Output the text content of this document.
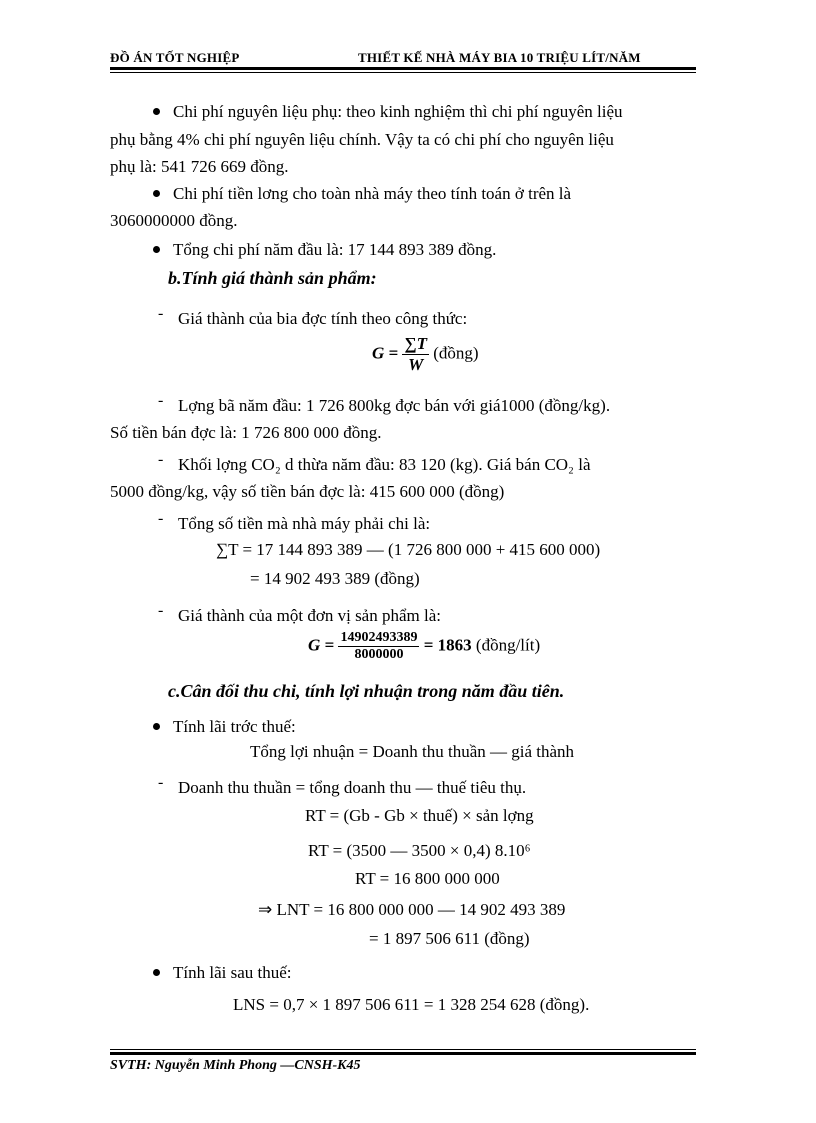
ĐỒ ÁN TỐT NGHIỆP	THIẾT KẾ NHÀ MÁY BIA 10 TRIỆU LÍT/NĂM
Chi phí nguyên liệu phụ: theo kinh nghiệm thì chi phí nguyên liệu
phụ bằng 4% chi phí nguyên liệu chính. Vậy ta có chi phí cho nguyên liệu
phụ là: 541 726 669 đồng.
Chi phí tiền lơng cho toàn nhà máy theo tính toán ở trên là
3060000000 đồng.
Tổng chi phí năm đầu là: 17 144 893 389 đồng.
b.Tính giá thành sản phẩm:
- Giá thành của bia đợc tính theo công thức:
$G = \frac{\sum T}{W}$ (đồng)
- Lợng bã năm đầu: 1 726 800kg đợc bán với giá1000 (đồng/kg).
Số tiền bán đợc là: 1 726 800 000 đồng.
- Khối lợng CO₂ d thừa năm đầu: 83 120 (kg). Giá bán CO₂ là
5000 đồng/kg, vậy số tiền bán đợc là: 415 600 000 (đồng)
- Tổng số tiền mà nhà máy phải chi là:
∑T = 17 144 893 389 — (1 726 800 000 + 415 600 000)
= 14 902 493 389 (đồng)
- Giá thành của một đơn vị sản phẩm là:
$G = \frac{14902493389}{8000000} = 1863$ (đồng/lít)
c.Cân đối thu chi, tính lợi nhuận trong năm đầu tiên.
Tính lãi trớc thuế:
Tổng lợi nhuận = Doanh thu thuần — giá thành
- Doanh thu thuần = tổng doanh thu — thuế tiêu thụ.
RT = (Gb - Gb × thuế) × sản lợng
RT = (3500 — 3500 × 0,4) 8.10⁶
RT = 16 800 000 000
⇒ LNT = 16 800 000 000 — 14 902 493 389
= 1 897 506 611 (đồng)
Tính lãi sau thuế:
LNS = 0,7 × 1 897 506 611 = 1 328 254 628 (đồng).
SVTH: Nguyễn Minh Phong —CNSH-K45
